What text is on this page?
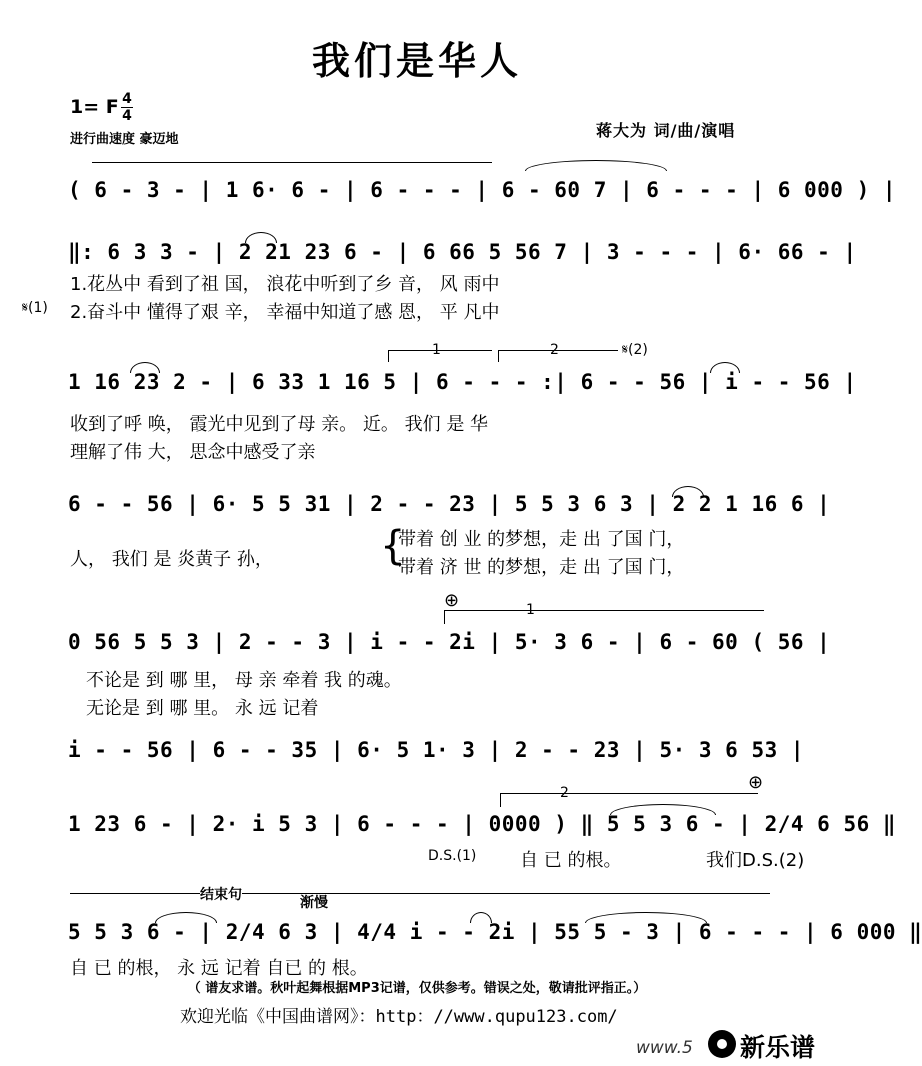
我们是华人
1= F 4
4
进行曲速度 豪迈地	蒋大为 词/曲/演唱
( 6 - 3 - | 1 6· 6 - | 6 - - - | 6 - 60 7 | 6 - - - | 6 000 ) |
‖: 6 3 3 - | 2 21 23 6 - | 6 66 5 56 7 | 3 - - - | 6· 66 - |
1.花丛中 看到了祖 国， 浪花中听到了乡 音， 风 雨中
𝄋(1) 2.奋斗中 懂得了艰 辛， 幸福中知道了感 恩， 平 凡中
1	2	𝄋(2)
1 16 23 2 - | 6 33 1 16 5 | 6 - - - :| 6 - - 56 | i - - 56 |
收到了呼 唤， 霞光中见到了母 亲。 近。 我们 是 华
理解了伟 大， 思念中感受了亲
6 - - 56 | 6· 5 5 31 | 2 - - 23 | 5 5 3 6 3 | 2 2 1 16 6 |
人， 我们 是 炎黄子 孙，	{
带着 创 业 的梦想，走 出 了国 门，
带着 济 世 的梦想，走 出 了国 门，
⊕	1
0 56 5 5 3 | 2 - - 3 | i - - 2i | 5· 3 6 - | 6 - 60 ( 56 |
不论是 到 哪 里， 母 亲 牵着 我 的魂。
无论是 到 哪 里。 永 远 记着
i - - 56 | 6 - - 35 | 6· 5 1· 3 | 2 - - 23 | 5· 3 6 53 |
2	⊕
1 23 6 - | 2· i 5 3 | 6 - - - | 0000 ) ‖ 5 5 3 6 - | 2/4 6 56 ‖
D.S.(1) 自 已 的根。	我们D.S.(2)
结束句	渐慢
5 5 3 6 - | 2/4 6 3 | 4/4 i - - 2i | 55 5 - 3 | 6 - - - | 6 000 ‖
自 已 的根， 永 远 记着 自已 的 根。
（ 谱友求谱。秋叶起舞根据MP3记谱，仅供参考。错误之处，敬请批评指正。）
欢迎光临《中国曲谱网》：http：//www.qupu123.com/
www.5 新乐谱
